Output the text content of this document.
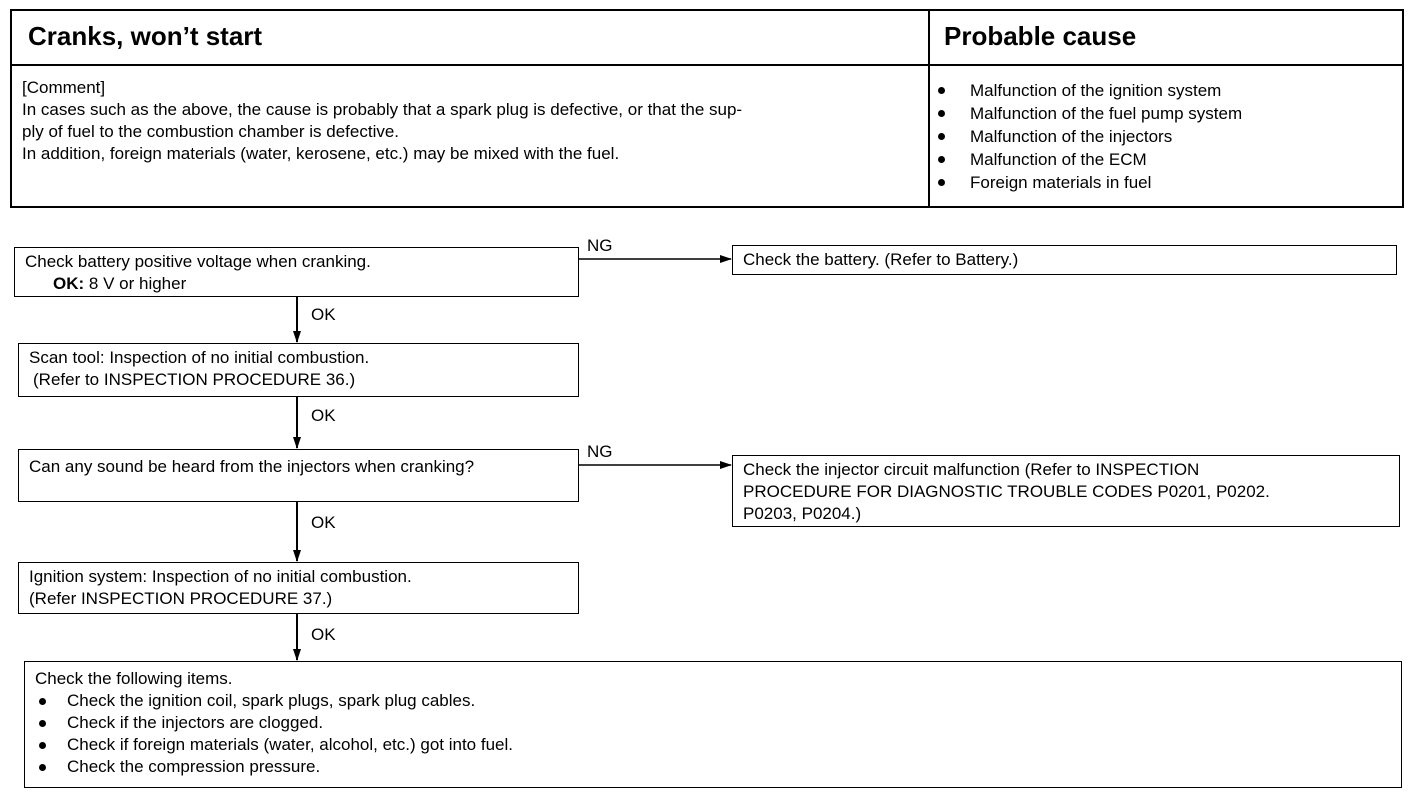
Cranks, won’t start	Probable cause
[Comment]
In cases such as the above, the cause is probably that a spark plug is defective, or that the sup-
ply of fuel to the combustion chamber is defective.
In addition, foreign materials (water, kerosene, etc.) may be mixed with the fuel.
Malfunction of the ignition system
Malfunction of the fuel pump system
Malfunction of the injectors
Malfunction of the ECM
Foreign materials in fuel
NG
NG
OK
OK
OK
OK
Check battery positive voltage when cranking.
OK: 8 V or higher
Scan tool: Inspection of no initial combustion.
(Refer to INSPECTION PROCEDURE 36.)
Can any sound be heard from the injectors when cranking?
Ignition system: Inspection of no initial combustion.
(Refer INSPECTION PROCEDURE 37.)
Check the following items.
Check the ignition coil, spark plugs, spark plug cables.
Check if the injectors are clogged.
Check if foreign materials (water, alcohol, etc.) got into fuel.
Check the compression pressure.
Check the battery. (Refer to Battery.)
Check the injector circuit malfunction (Refer to INSPECTION
PROCEDURE FOR DIAGNOSTIC TROUBLE CODES P0201, P0202.
P0203, P0204.)
